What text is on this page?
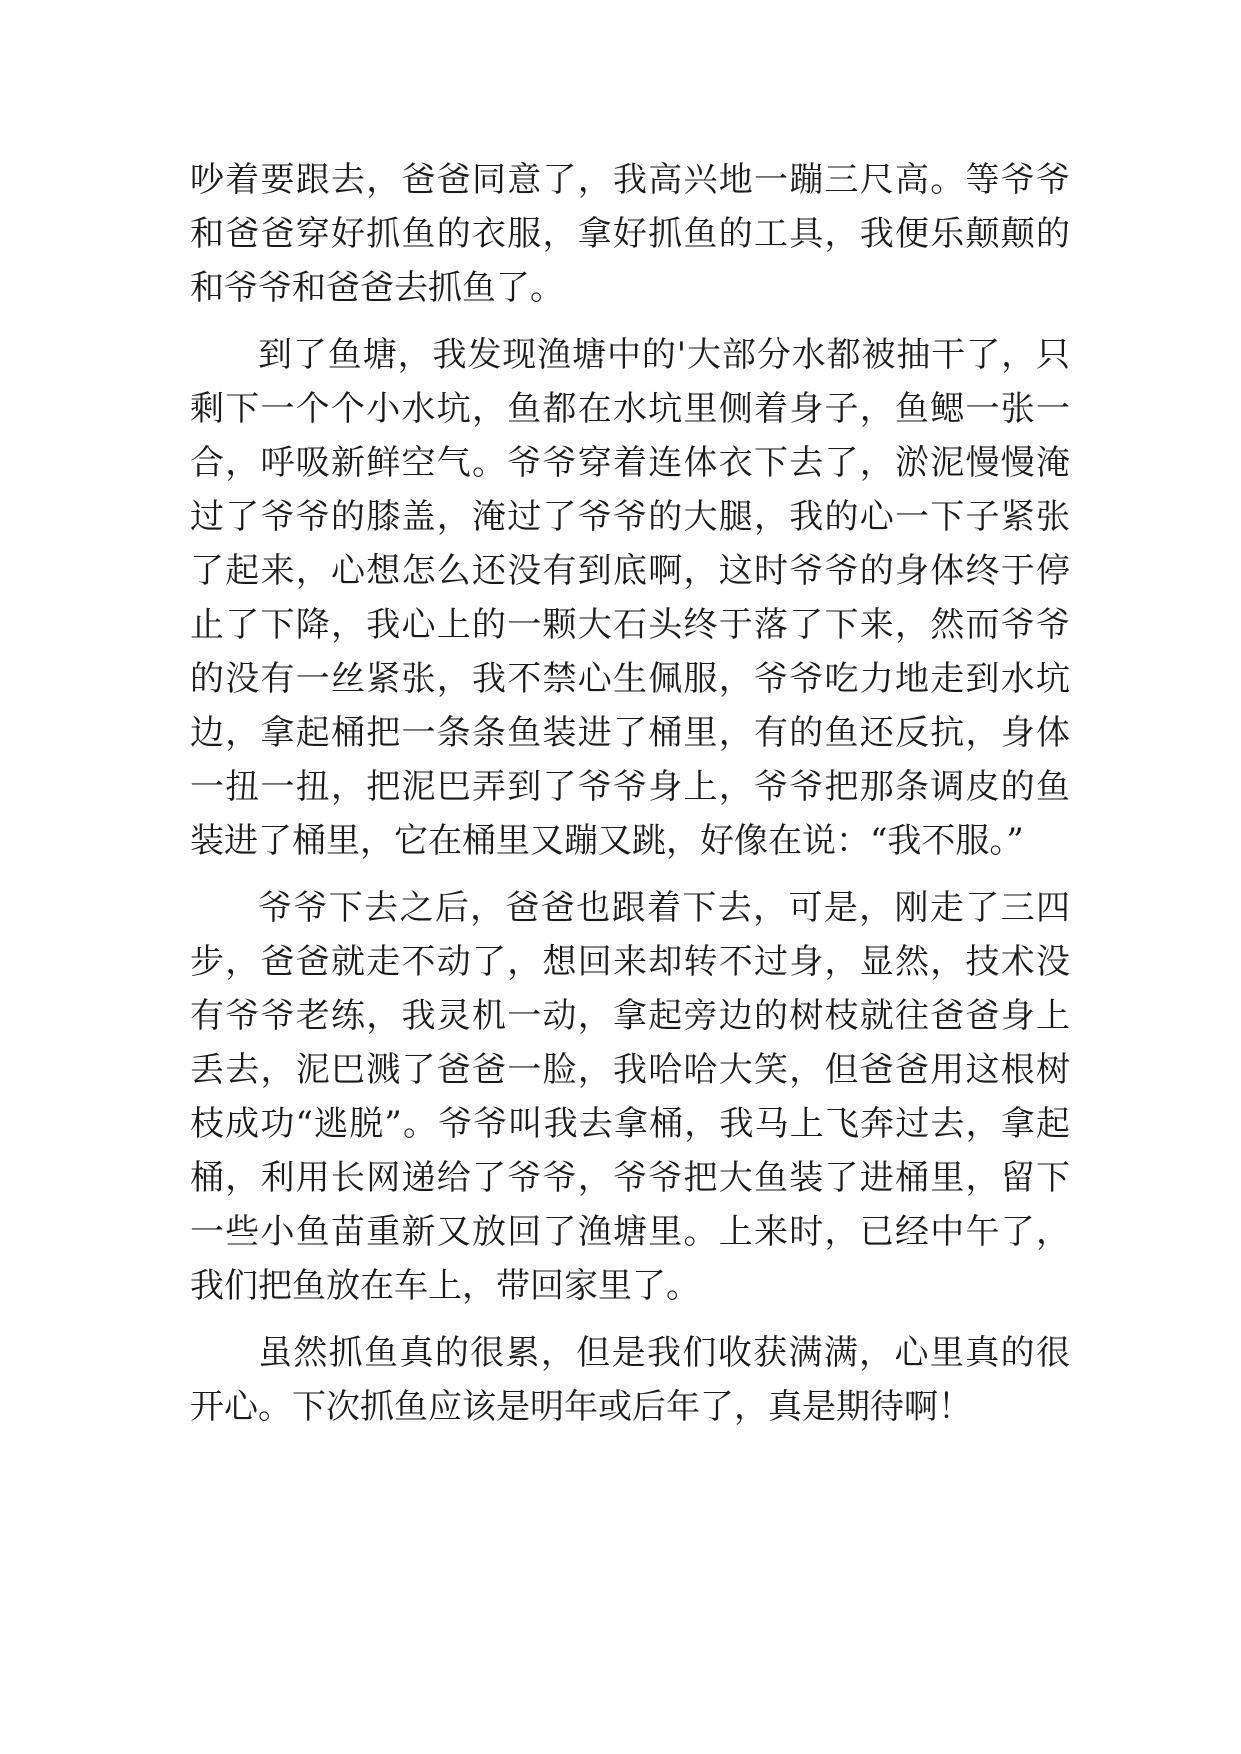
吵着要跟去，爸爸同意了，我高兴地一蹦三尺高。等爷爷和爸爸穿好抓鱼的衣服，拿好抓鱼的工具，我便乐颠颠的和爷爷和爸爸去抓鱼了。

到了鱼塘，我发现渔塘中的'大部分水都被抽干了，只剩下一个个小水坑，鱼都在水坑里侧着身子，鱼鳃一张一合，呼吸新鲜空气。爷爷穿着连体衣下去了，淤泥慢慢淹过了爷爷的膝盖，淹过了爷爷的大腿，我的心一下子紧张了起来，心想怎么还没有到底啊，这时爷爷的身体终于停止了下降，我心上的一颗大石头终于落了下来，然而爷爷的没有一丝紧张，我不禁心生佩服，爷爷吃力地走到水坑边，拿起桶把一条条鱼装进了桶里，有的鱼还反抗，身体一扭一扭，把泥巴弄到了爷爷身上，爷爷把那条调皮的鱼装进了桶里，它在桶里又蹦又跳，好像在说：“我不服。”

爷爷下去之后，爸爸也跟着下去，可是，刚走了三四步，爸爸就走不动了，想回来却转不过身，显然，技术没有爷爷老练，我灵机一动，拿起旁边的树枝就往爸爸身上丢去，泥巴溅了爸爸一脸，我哈哈大笑，但爸爸用这根树枝成功“逃脱”。爷爷叫我去拿桶，我马上飞奔过去，拿起桶，利用长网递给了爷爷，爷爷把大鱼装了进桶里，留下一些小鱼苗重新又放回了渔塘里。上来时，已经中午了，我们把鱼放在车上，带回家里了。

虽然抓鱼真的很累，但是我们收获满满，心里真的很开心。下次抓鱼应该是明年或后年了，真是期待啊！
